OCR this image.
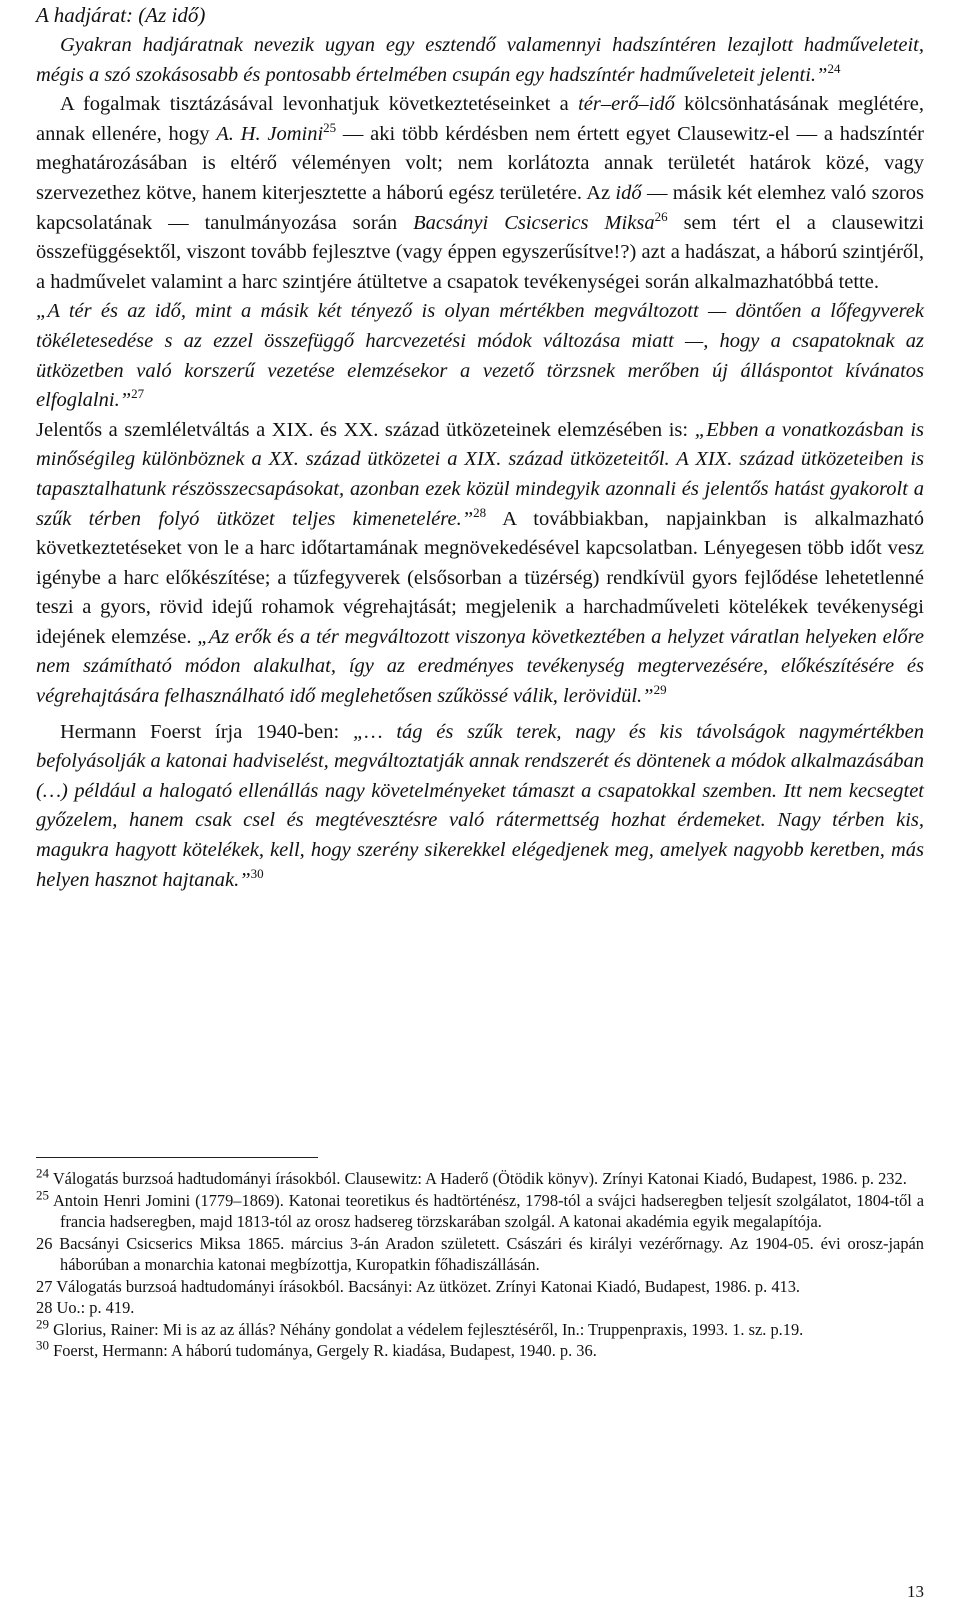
A hadjárat: (Az idő)

Gyakran hadjáratnak nevezik ugyan egy esztendő valamennyi hadszíntéren lezajlott hadműveleteit, mégis a szó szokásosabb és pontosabb értelmében csupán egy hadszíntér hadműveleteit jelenti.”$^{24}$

A fogalmak tisztázásával levonhatjuk következtetéseinket a tér–erő–idő kölcsönhatásának meglétére, annak ellenére, hogy A. H. Jomini$^{25}$ — aki több kérdésben nem értett egyet Clausewitz-el — a hadszíntér meghatározásában is eltérő véleményen volt; nem korlátozta annak területét határok közé, vagy szervezethez kötve, hanem kiterjesztette a háború egész területére. Az idő — másik két elemhez való szoros kapcsolatának — tanulmányozása során Bacsányi Csicserics Miksa$^{26}$ sem tért el a clausewitzi összefüggésektől, viszont tovább fejlesztve (vagy éppen egyszerűsítve!?) azt a hadászat, a háború szintjéről, a hadművelet valamint a harc szintjére átültetve a csapatok tevékenységei során alkalmazhatóbbá tette.

„A tér és az idő, mint a másik két tényező is olyan mértékben megváltozott — döntően a lőfegyverek tökéletesedése s az ezzel összefüggő harcvezetési módok változása miatt —, hogy a csapatoknak az ütközetben való korszerű vezetése elemzésekor a vezető törzsnek merőben új álláspontot kívánatos elfoglalni.”$^{27}$

Jelentős a szemléletváltás a XIX. és XX. század ütközeteinek elemzésében is: „Ebben a vonatkozásban is minőségileg különböznek a XX. század ütközetei a XIX. század ütközeteitől. A XIX. század ütközeteiben is tapasztalhatunk részösszecsapásokat, azonban ezek közül mindegyik azonnali és jelentős hatást gyakorolt a szűk térben folyó ütközet teljes kimenetelére.”$^{28}$ A továbbiakban, napjainkban is alkalmazható következtetéseket von le a harc időtartamának megnövekedésével kapcsolatban. Lényegesen több időt vesz igénybe a harc előkészítése; a tűzfegyverek (elsősorban a tüzérség) rendkívül gyors fejlődése lehetetlenné teszi a gyors, rövid idejű rohamok végrehajtását; megjelenik a harchadműveleti kötelékek tevékenységi idejének elemzése. „Az erők és a tér megváltozott viszonya következtében a helyzet váratlan helyeken előre nem számítható módon alakulhat, így az eredményes tevékenység megtervezésére, előkészítésére és végrehajtására felhasználható idő meglehetősen szűkössé válik, lerövidül.”$^{29}$

Hermann Foerst írja 1940-ben: „… tág és szűk terek, nagy és kis távolságok nagymértékben befolyásolják a katonai hadviselést, megváltoztatják annak rendszerét és döntenek a módok alkalmazásában (…) például a halogató ellenállás nagy követelményeket támaszt a csapatokkal szemben. Itt nem kecsegtet győzelem, hanem csak csel és megtévesztésre való rátermettség hozhat érdemeket. Nagy térben kis, magukra hagyott kötelékek, kell, hogy szerény sikerekkel elégedjenek meg, amelyek nagyobb keretben, más helyen hasznot hajtanak.”$^{30}$

$^{24}$ Válogatás burzsoá hadtudományi írásokból. Clausewitz: A Haderő (Ötödik könyv). Zrínyi Katonai Kiadó, Budapest, 1986. p. 232.

$^{25}$ Antoin Henri Jomini (1779–1869). Katonai teoretikus és hadtörténész, 1798-tól a svájci hadseregben teljesít szolgálatot, 1804-től a francia hadseregben, majd 1813-tól az orosz hadsereg törzskarában szolgál. A katonai akadémia egyik megalapítója.

26 Bacsányi Csicserics Miksa 1865. március 3-án Aradon született. Császári és királyi vezérőrnagy. Az 1904-05. évi orosz-japán háborúban a monarchia katonai megbízottja, Kuropatkin főhadiszállásán.

27 Válogatás burzsoá hadtudományi írásokból. Bacsányi: Az ütközet. Zrínyi Katonai Kiadó, Budapest, 1986. p. 413.

28 Uo.: p. 419.

$^{29}$ Glorius, Rainer: Mi is az az állás? Néhány gondolat a védelem fejlesztéséről, In.: Truppenpraxis, 1993. 1. sz. p.19.

$^{30}$ Foerst, Hermann: A háború tudománya, Gergely R. kiadása, Budapest, 1940. p. 36.

13
